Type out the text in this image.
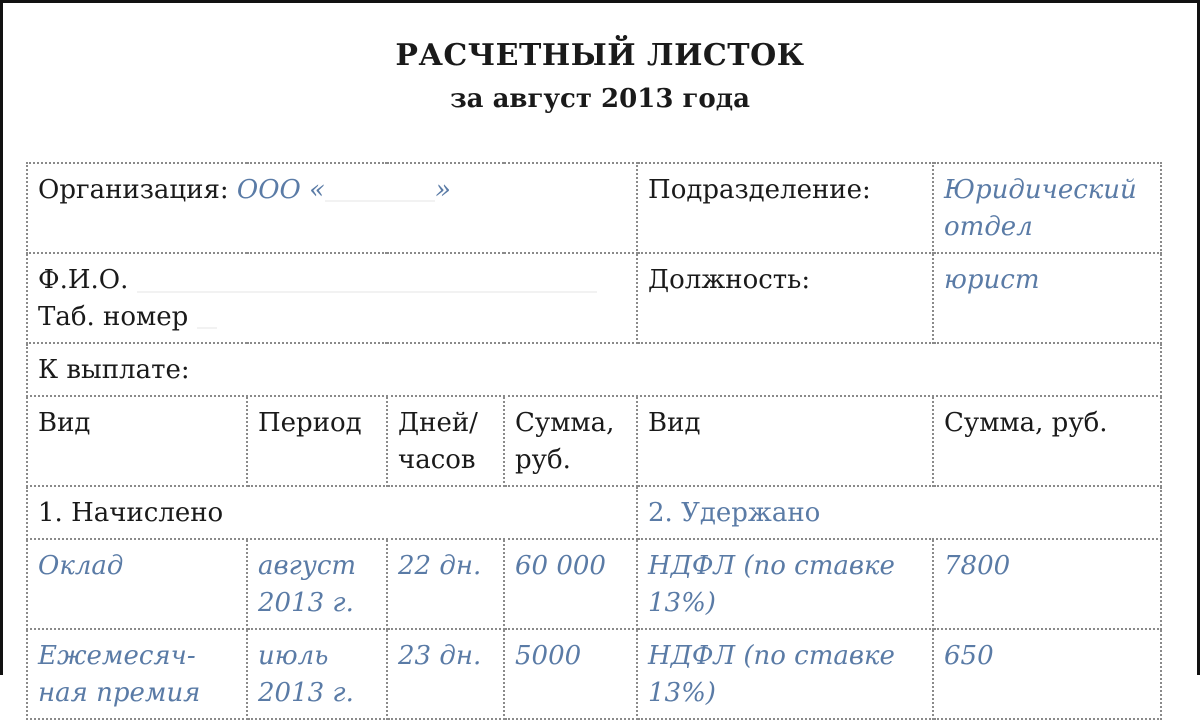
РАСЧЕТНЫЙ ЛИСТОК
за август 2013 года
Организация: ООО « »				Подразделение:	Юридический отдел

Ф.И.О.
Таб. номер				Должность:	юрист
К выплате:					
Вид	Период	Дней/ часов	Сумма, руб.	Вид	Сумма, руб.
1. Начислено				2. Удержано	
Оклад	август 2013 г.	22 дн.	60 000	НДФЛ (по ставке 13%)	7800
Ежемесяч- ная премия	июль 2013 г.	23 дн.	5000	НДФЛ (по ставке 13%)	650
